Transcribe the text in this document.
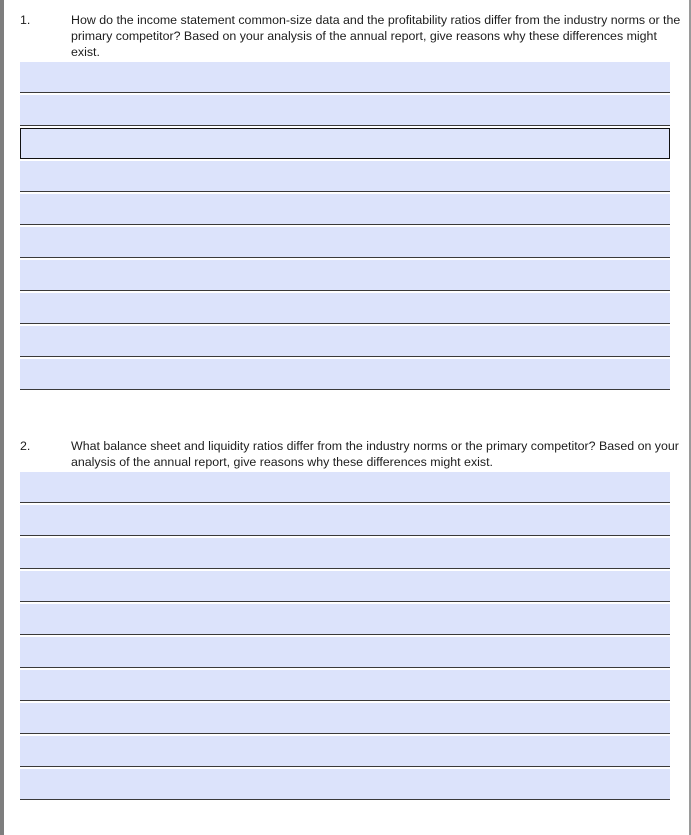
1.	How do the income statement common-size data and the profitability ratios differ from the industry norms or the primary competitor? Based on your analysis of the annual report, give reasons why these differences might exist.
2.	What balance sheet and liquidity ratios differ from the industry norms or the primary competitor? Based on your analysis of the annual report, give reasons why these differences might exist.
